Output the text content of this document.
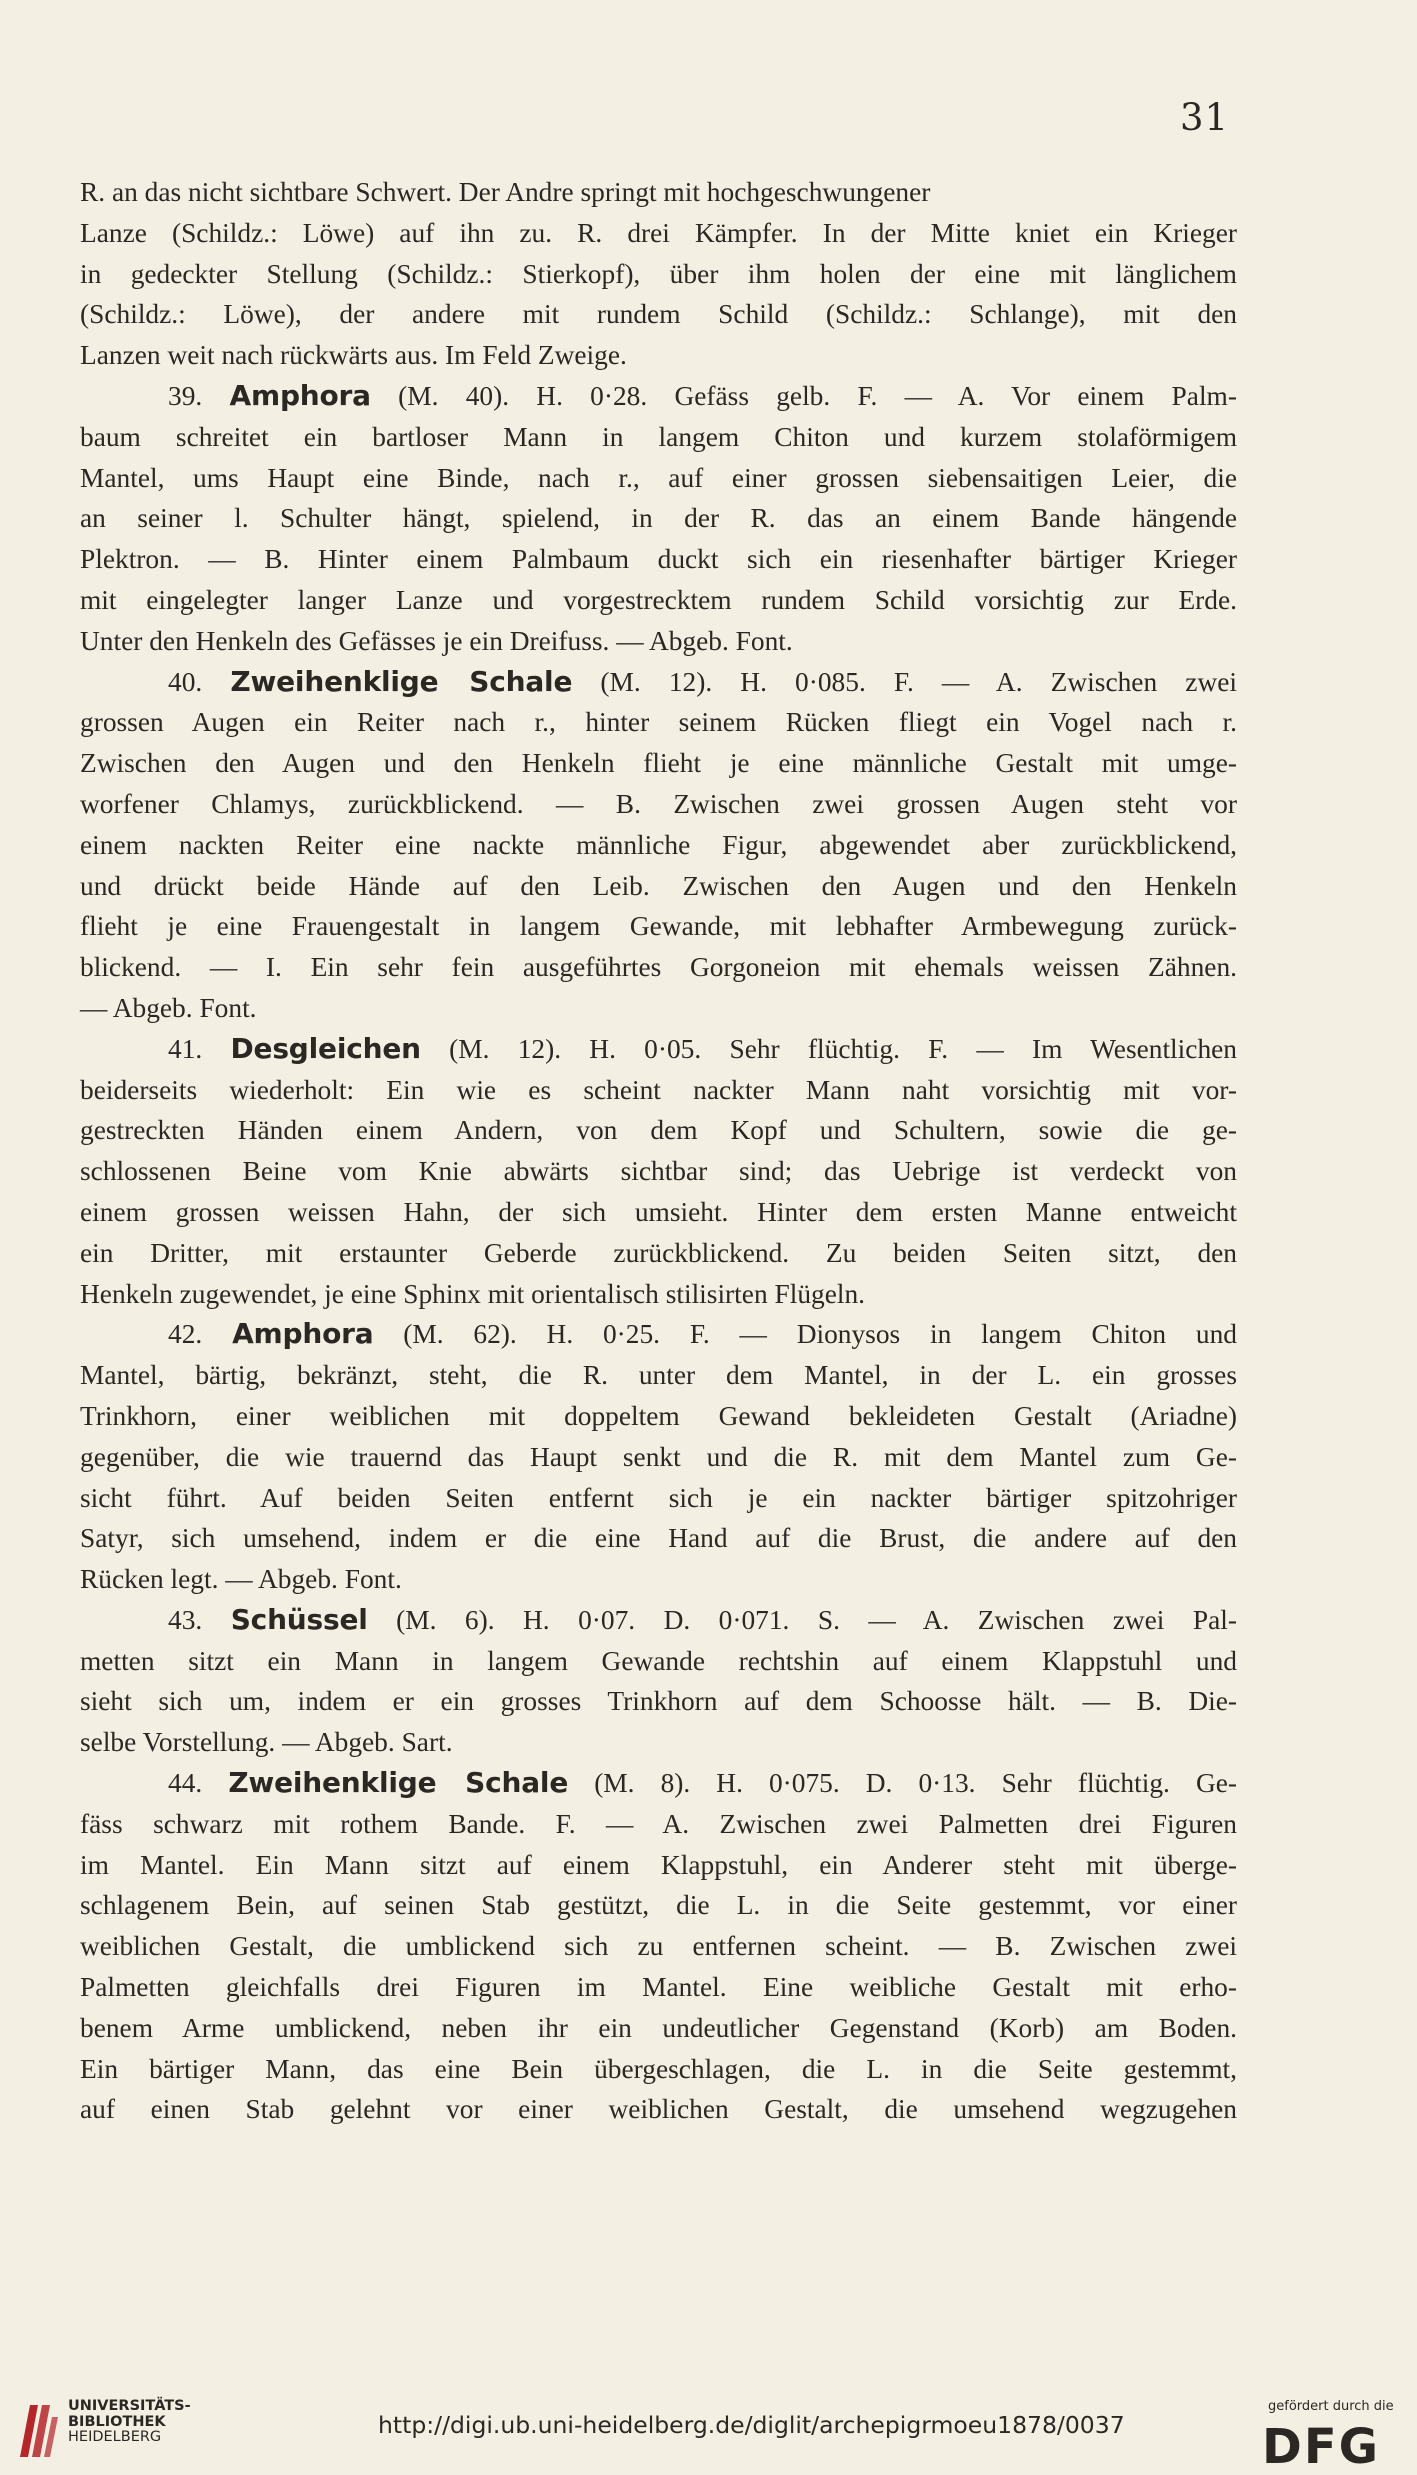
31
R. an das nicht sichtbare Schwert. Der Andre springt mit hochgeschwungener
Lanze (Schildz.: Löwe) auf ihn zu. R. drei Kämpfer. In der Mitte kniet ein Krieger
in gedeckter Stellung (Schildz.: Stierkopf), über ihm holen der eine mit länglichem
(Schildz.: Löwe), der andere mit rundem Schild (Schildz.: Schlange), mit den
Lanzen weit nach rückwärts aus. Im Feld Zweige.
39. Amphora (M. 40). H. 0·28. Gefäss gelb. F. — A. Vor einem Palm-
baum schreitet ein bartloser Mann in langem Chiton und kurzem stolaförmigem
Mantel, ums Haupt eine Binde, nach r., auf einer grossen siebensaitigen Leier, die
an seiner l. Schulter hängt, spielend, in der R. das an einem Bande hängende
Plektron. — B. Hinter einem Palmbaum duckt sich ein riesenhafter bärtiger Krieger
mit eingelegter langer Lanze und vorgestrecktem rundem Schild vorsichtig zur Erde.
Unter den Henkeln des Gefässes je ein Dreifuss. — Abgeb. Font.
40. Zweihenklige Schale (M. 12). H. 0·085. F. — A. Zwischen zwei
grossen Augen ein Reiter nach r., hinter seinem Rücken fliegt ein Vogel nach r.
Zwischen den Augen und den Henkeln flieht je eine männliche Gestalt mit umge-
worfener Chlamys, zurückblickend. — B. Zwischen zwei grossen Augen steht vor
einem nackten Reiter eine nackte männliche Figur, abgewendet aber zurückblickend,
und drückt beide Hände auf den Leib. Zwischen den Augen und den Henkeln
flieht je eine Frauengestalt in langem Gewande, mit lebhafter Armbewegung zurück-
blickend. — I. Ein sehr fein ausgeführtes Gorgoneion mit ehemals weissen Zähnen.
— Abgeb. Font.
41. Desgleichen (M. 12). H. 0·05. Sehr flüchtig. F. — Im Wesentlichen
beiderseits wiederholt: Ein wie es scheint nackter Mann naht vorsichtig mit vor-
gestreckten Händen einem Andern, von dem Kopf und Schultern, sowie die ge-
schlossenen Beine vom Knie abwärts sichtbar sind; das Uebrige ist verdeckt von
einem grossen weissen Hahn, der sich umsieht. Hinter dem ersten Manne entweicht
ein Dritter, mit erstaunter Geberde zurückblickend. Zu beiden Seiten sitzt, den
Henkeln zugewendet, je eine Sphinx mit orientalisch stilisirten Flügeln.
42. Amphora (M. 62). H. 0·25. F. — Dionysos in langem Chiton und
Mantel, bärtig, bekränzt, steht, die R. unter dem Mantel, in der L. ein grosses
Trinkhorn, einer weiblichen mit doppeltem Gewand bekleideten Gestalt (Ariadne)
gegenüber, die wie trauernd das Haupt senkt und die R. mit dem Mantel zum Ge-
sicht führt. Auf beiden Seiten entfernt sich je ein nackter bärtiger spitzohriger
Satyr, sich umsehend, indem er die eine Hand auf die Brust, die andere auf den
Rücken legt. — Abgeb. Font.
43. Schüssel (M. 6). H. 0·07. D. 0·071. S. — A. Zwischen zwei Pal-
metten sitzt ein Mann in langem Gewande rechtshin auf einem Klappstuhl und
sieht sich um, indem er ein grosses Trinkhorn auf dem Schoosse hält. — B. Die-
selbe Vorstellung. — Abgeb. Sart.
44. Zweihenklige Schale (M. 8). H. 0·075. D. 0·13. Sehr flüchtig. Ge-
fäss schwarz mit rothem Bande. F. — A. Zwischen zwei Palmetten drei Figuren
im Mantel. Ein Mann sitzt auf einem Klappstuhl, ein Anderer steht mit überge-
schlagenem Bein, auf seinen Stab gestützt, die L. in die Seite gestemmt, vor einer
weiblichen Gestalt, die umblickend sich zu entfernen scheint. — B. Zwischen zwei
Palmetten gleichfalls drei Figuren im Mantel. Eine weibliche Gestalt mit erho-
benem Arme umblickend, neben ihr ein undeutlicher Gegenstand (Korb) am Boden.
Ein bärtiger Mann, das eine Bein übergeschlagen, die L. in die Seite gestemmt,
auf einen Stab gelehnt vor einer weiblichen Gestalt, die umsehend wegzugehen
UNIVERSITÄTS-
BIBLIOTHEK
HEIDELBERG	http://digi.ub.uni-heidelberg.de/diglit/archepigrmoeu1878/0037
gefördert durch die
DFG
